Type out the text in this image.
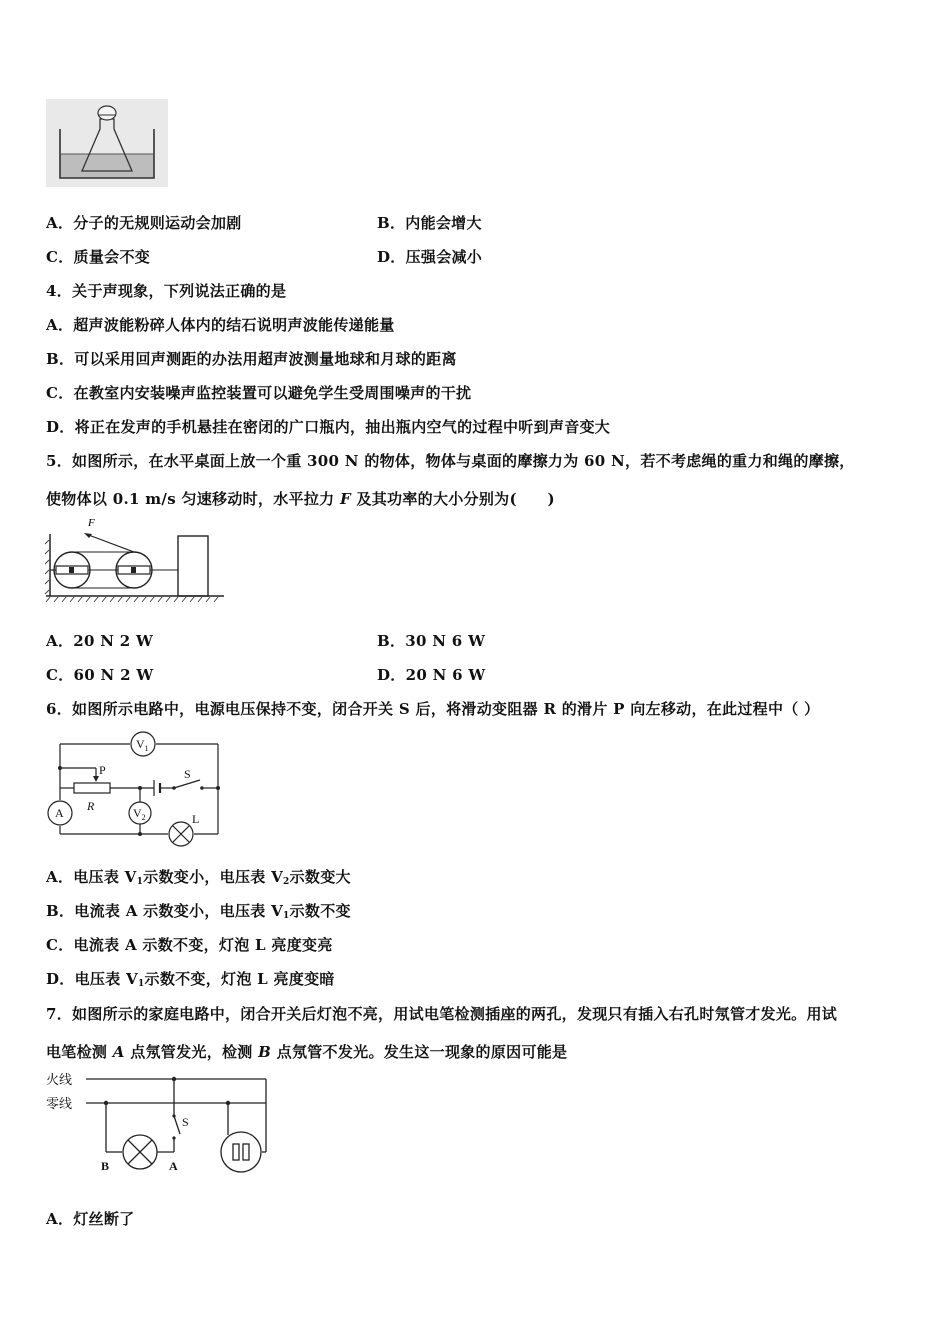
A．分子的无规则运动会加剧	B．内能会增大
C．质量会不变	D．压强会减小
4．关于声现象，下列说法正确的是
A．超声波能粉碎人体内的结石说明声波能传递能量
B．可以采用回声测距的办法用超声波测量地球和月球的距离
C．在教室内安装噪声监控装置可以避免学生受周围噪声的干扰
D．将正在发声的手机悬挂在密闭的广口瓶内，抽出瓶内空气的过程中听到声音变大
5．如图所示，在水平桌面上放一个重 300 N 的物体，物体与桌面的摩擦力为 60 N，若不考虑绳的重力和绳的摩擦，
使物体以 0.1 m/s 匀速移动时，水平拉力 F 及其功率的大小分别为(　　)
F
A．20 N 2 W	B．30 N 6 W
C．60 N 2 W	D．20 N 6 W
6．如图所示电路中，电源电压保持不变，闭合开关 S 后，将滑动变阻器 R 的滑片 P 向左移动，在此过程中（ ）
$V_1$
$V_2$
P
R
S
A	L
A．电压表 $V_1$示数变小，电压表 $V_2$示数变大
B．电流表 A 示数变小，电压表 $V_1$示数不变
C．电流表 A 示数不变，灯泡 L 亮度变亮
D．电压表 $V_1$示数不变，灯泡 L 亮度变暗
7．如图所示的家庭电路中，闭合开关后灯泡不亮，用试电笔检测插座的两孔，发现只有插入右孔时氖管才发光。用试
电笔检测 A 点氖管发光，检测 B 点氖管不发光。发生这一现象的原因可能是
火线
零线
S
B	A
A．灯丝断了
